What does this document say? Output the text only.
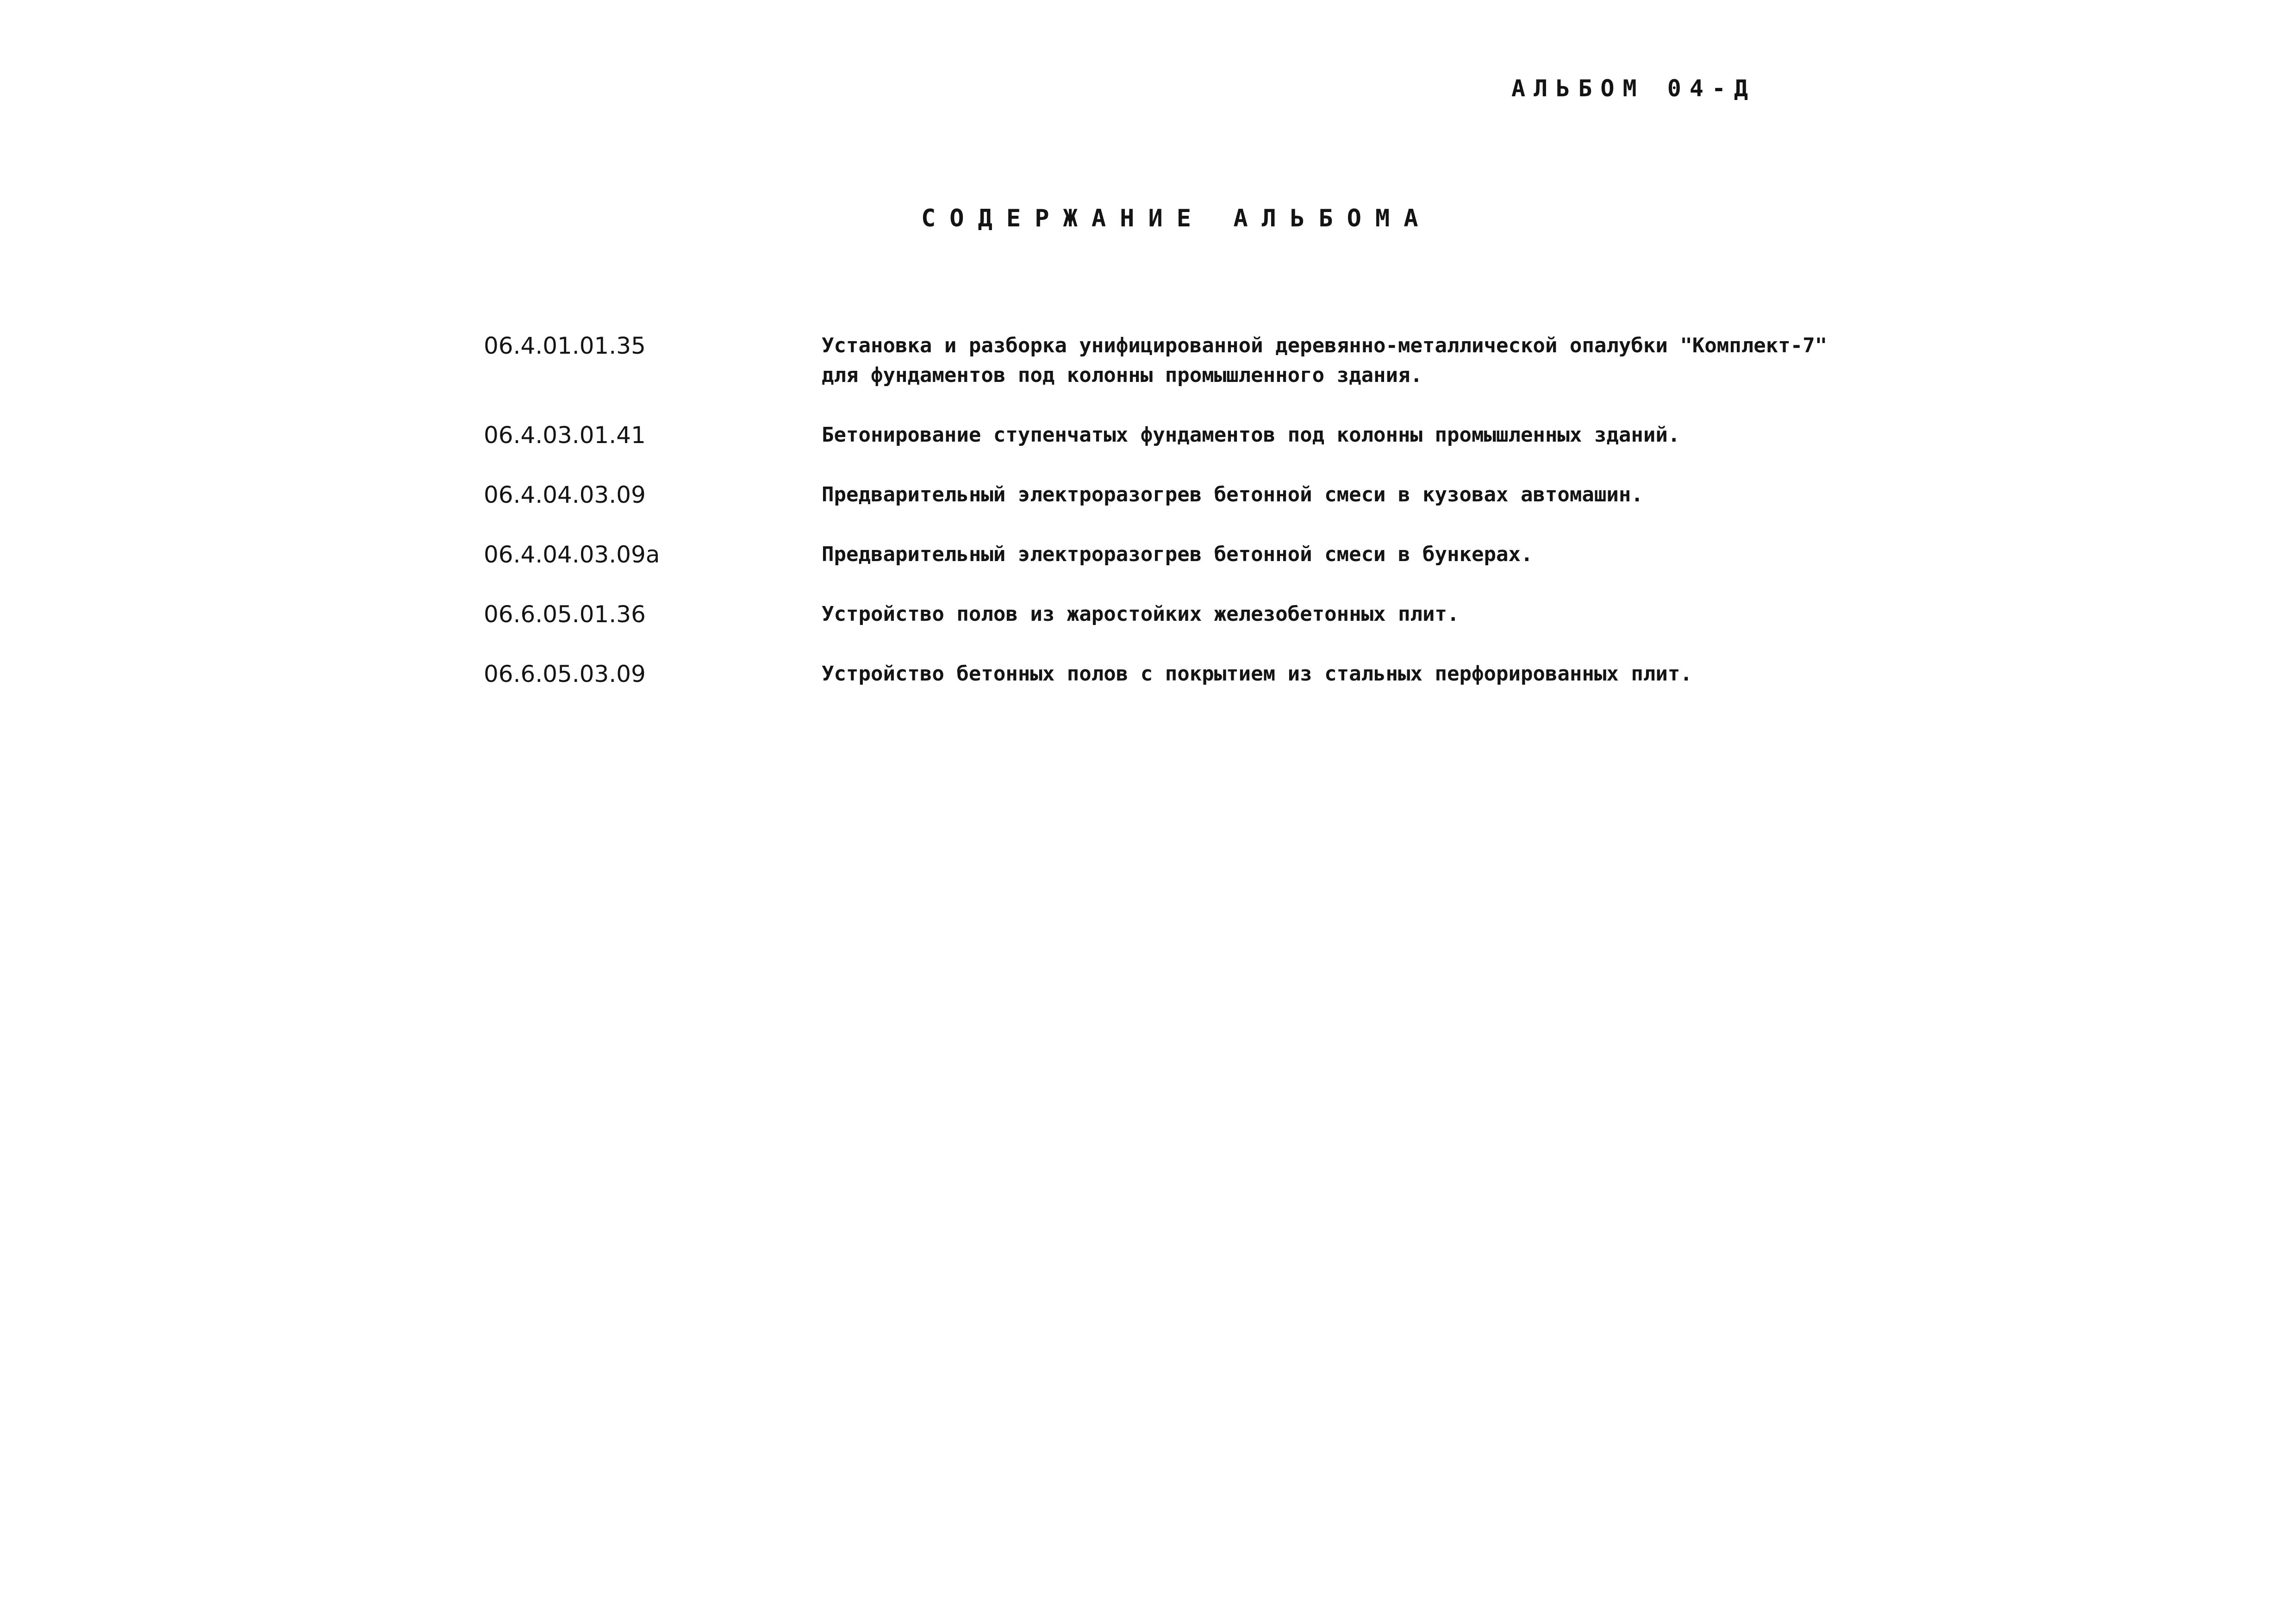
АЛЬБОМ 04-Д
СОДЕРЖАНИЕ АЛЬБОМА
06.4.01.01.35	Установка и разборка унифицированной деревянно-металлической опалубки "Комплект-7"
для фундаментов под колонны промышленного здания.
06.4.03.01.41	Бетонирование ступенчатых фундаментов под колонны промышленных зданий.
06.4.04.03.09	Предварительный электроразогрев бетонной смеси в кузовах автомашин.
06.4.04.03.09а	Предварительный электроразогрев бетонной смеси в бункерах.
06.6.05.01.36	Устройство полов из жаростойких железобетонных плит.
06.6.05.03.09	Устройство бетонных полов с покрытием из стальных перфорированных плит.
